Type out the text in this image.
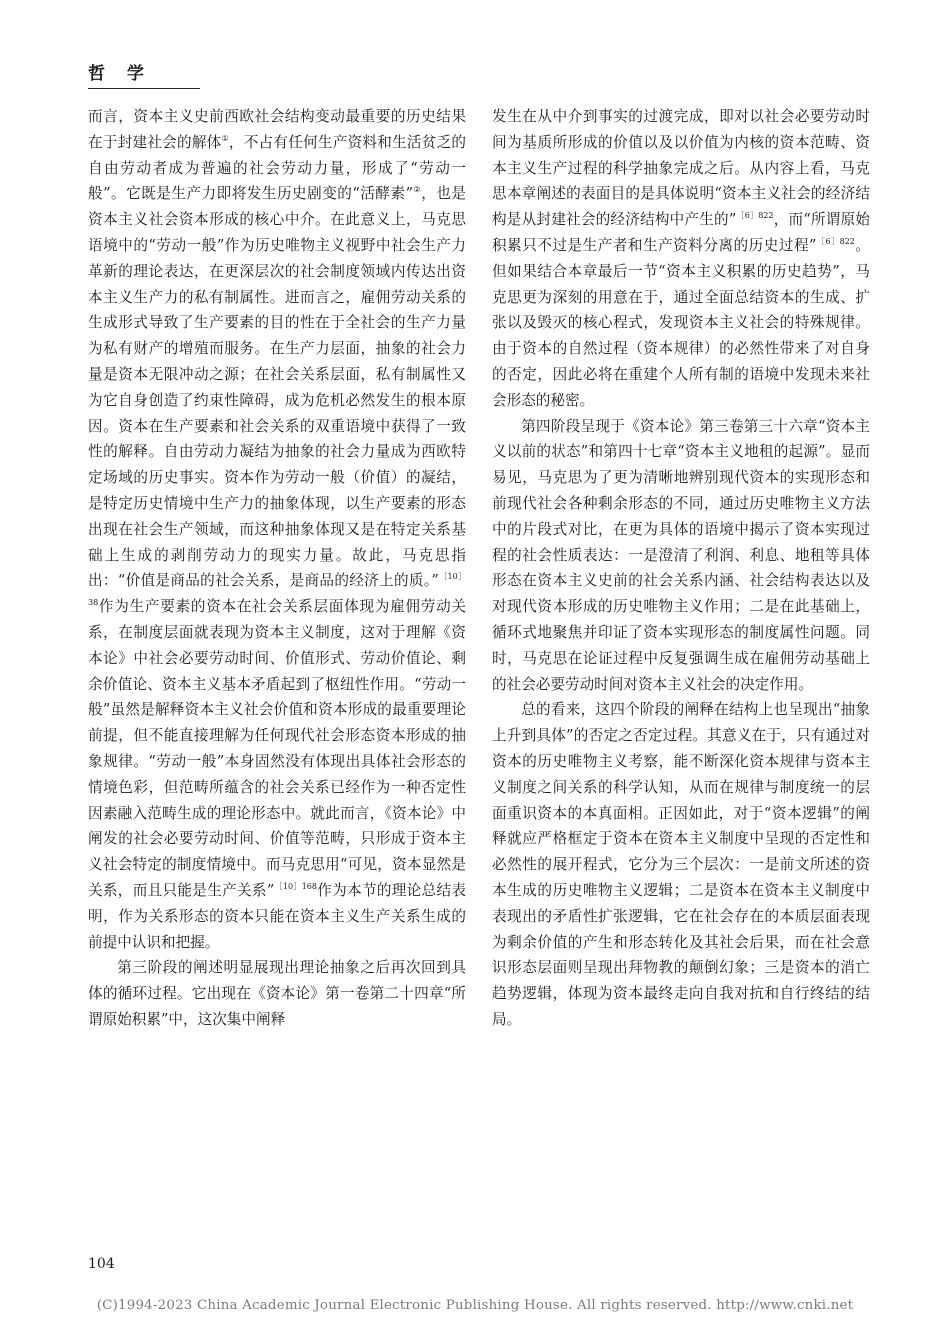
哲 学

而言，资本主义史前西欧社会结构变动最重要的历史结果在于封建社会的解体①，不占有任何生产资料和生活贫乏的自由劳动者成为普遍的社会劳动力量，形成了“劳动一般”。它既是生产力即将发生历史剧变的“活酵素”②，也是资本主义社会资本形成的核心中介。在此意义上，马克思语境中的“劳动一般”作为历史唯物主义视野中社会生产力革新的理论表达，在更深层次的社会制度领域内传达出资本主义生产力的私有制属性。进而言之，雇佣劳动关系的生成形式导致了生产要素的目的性在于全社会的生产力量为私有财产的增殖而服务。在生产力层面，抽象的社会力量是资本无限冲动之源；在社会关系层面，私有制属性又为它自身创造了约束性障碍，成为危机必然发生的根本原因。资本在生产要素和社会关系的双重语境中获得了一致性的解释。自由劳动力凝结为抽象的社会力量成为西欧特定场域的历史事实。资本作为劳动一般（价值）的凝结，是特定历史情境中生产力的抽象体现，以生产要素的形态出现在社会生产领域，而这种抽象体现又是在特定关系基础上生成的剥削劳动力的现实力量。故此，马克思指出：“价值是商品的社会关系，是商品的经济上的质。”$^{[10]38}$作为生产要素的资本在社会关系层面体现为雇佣劳动关系，在制度层面就表现为资本主义制度，这对于理解《资本论》中社会必要劳动时间、价值形式、劳动价值论、剩余价值论、资本主义基本矛盾起到了枢纽性作用。“劳动一般”虽然是解释资本主义社会价值和资本形成的最重要理论前提，但不能直接理解为任何现代社会形态资本形成的抽象规律。“劳动一般”本身固然没有体现出具体社会形态的情境色彩，但范畴所蕴含的社会关系已经作为一种否定性因素融入范畴生成的理论形态中。就此而言，《资本论》中阐发的社会必要劳动时间、价值等范畴，只形成于资本主义社会特定的制度情境中。而马克思用“可见，资本显然是关系，而且只能是生产关系”$^{[10]168}$作为本节的理论总结表明，作为关系形态的资本只能在资本主义生产关系生成的前提中认识和把握。

第三阶段的阐述明显展现出理论抽象之后再次回到具体的循环过程。它出现在《资本论》第一卷第二十四章“所谓原始积累”中，这次集中阐释

发生在从中介到事实的过渡完成，即对以社会必要劳动时间为基质所形成的价值以及以价值为内核的资本范畴、资本主义生产过程的科学抽象完成之后。从内容上看，马克思本章阐述的表面目的是具体说明“资本主义社会的经济结构是从封建社会的经济结构中产生的”$^{[6]822}$，而“所谓原始积累只不过是生产者和生产资料分离的历史过程”$^{[6]822}$。但如果结合本章最后一节“资本主义积累的历史趋势”，马克思更为深刻的用意在于，通过全面总结资本的生成、扩张以及毁灭的核心程式，发现资本主义社会的特殊规律。由于资本的自然过程（资本规律）的必然性带来了对自身的否定，因此必将在重建个人所有制的语境中发现未来社会形态的秘密。

第四阶段呈现于《资本论》第三卷第三十六章“资本主义以前的状态”和第四十七章“资本主义地租的起源”。显而易见，马克思为了更为清晰地辨别现代资本的实现形态和前现代社会各种剩余形态的不同，通过历史唯物主义方法中的片段式对比，在更为具体的语境中揭示了资本实现过程的社会性质表达：一是澄清了利润、利息、地租等具体形态在资本主义史前的社会关系内涵、社会结构表达以及对现代资本形成的历史唯物主义作用；二是在此基础上，循环式地聚焦并印证了资本实现形态的制度属性问题。同时，马克思在论证过程中反复强调生成在雇佣劳动基础上的社会必要劳动时间对资本主义社会的决定作用。

总的看来，这四个阶段的阐释在结构上也呈现出“抽象上升到具体”的否定之否定过程。其意义在于，只有通过对资本的历史唯物主义考察，能不断深化资本规律与资本主义制度之间关系的科学认知，从而在规律与制度统一的层面重识资本的本真面相。正因如此，对于“资本逻辑”的阐释就应严格框定于资本在资本主义制度中呈现的否定性和必然性的展开程式，它分为三个层次：一是前文所述的资本生成的历史唯物主义逻辑；二是资本在资本主义制度中表现出的矛盾性扩张逻辑，它在社会存在的本质层面表现为剩余价值的产生和形态转化及其社会后果，而在社会意识形态层面则呈现出拜物教的颠倒幻象；三是资本的消亡趋势逻辑，体现为资本最终走向自我对抗和自行终结的结局。

104
(C)1994-2023 China Academic Journal Electronic Publishing House. All rights reserved. http://www.cnki.net
